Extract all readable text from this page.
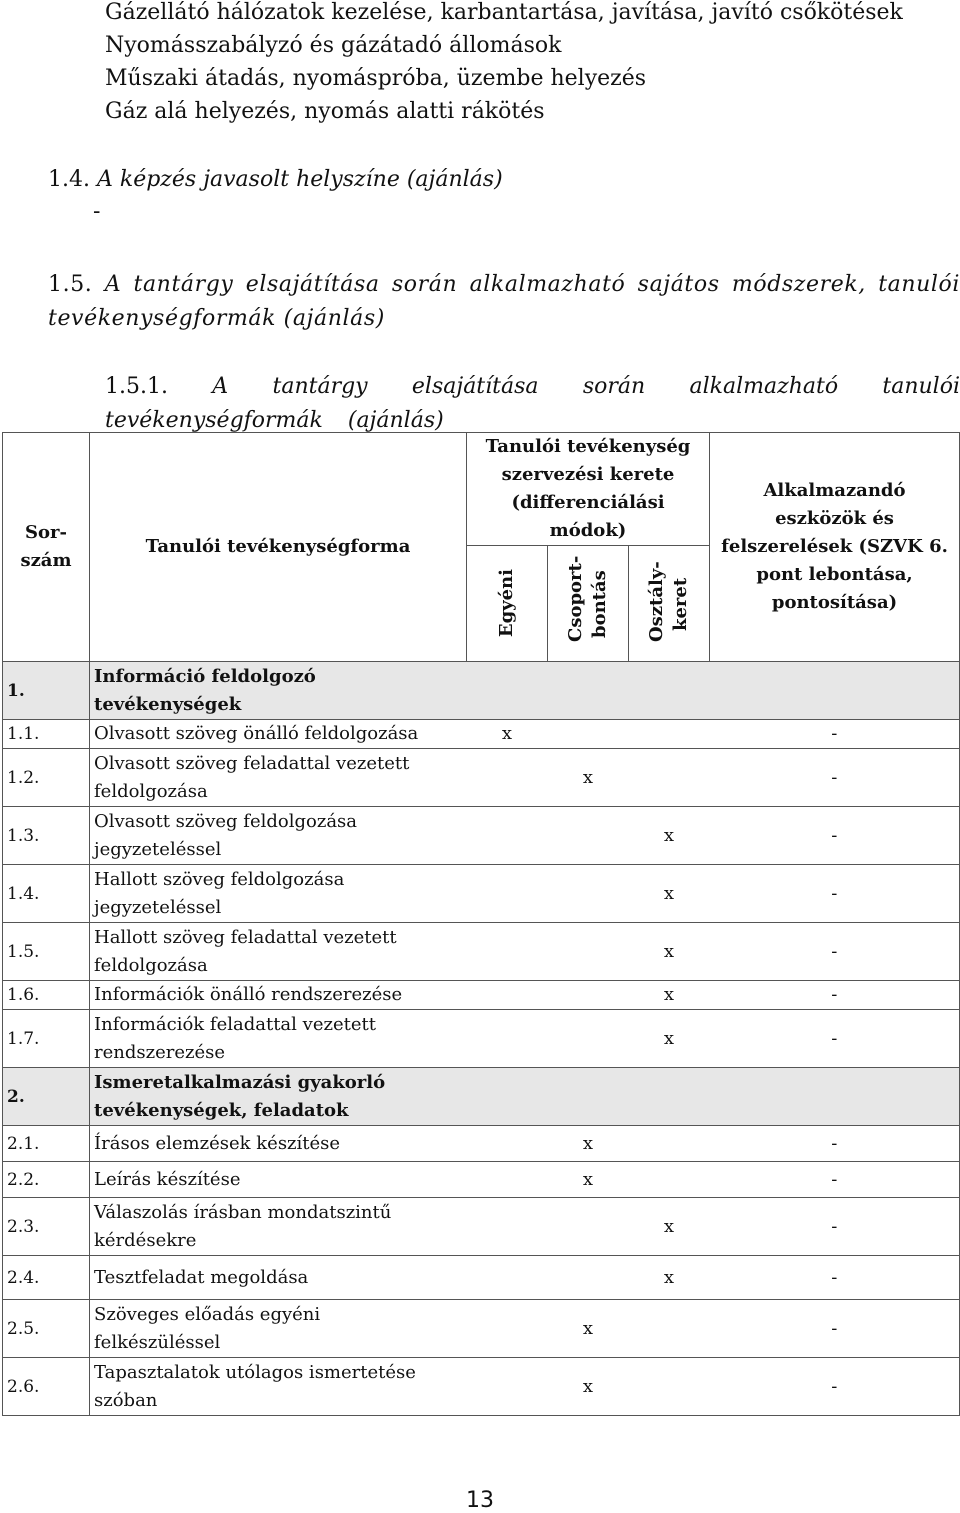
Gázellátó hálózatok kezelése, karbantartása, javítása, javító csőkötések
Nyomásszabályzó és gázátadó állomások
Műszaki átadás, nyomáspróba, üzembe helyezés
Gáz alá helyezés, nyomás alatti rákötés
1.4. A képzés javasolt helyszíne (ajánlás)
-
1.5. A tantárgy elsajátítása során alkalmazható sajátos módszerek, tanulói tevékenységformák (ajánlás)
1.5.1. A tantárgy elsajátítása során alkalmazható tanulói tevékenységformák (ajánlás)
Sor-szám	Tanulói tevékenységforma	Tanulói tevékenység szervezési kerete (differenciálási módok)			Alkalmazandó eszközök és felszerelések (SZVK 6. pont lebontása, pontosítása)

		Egyéni	Csoport-bontás	Osztály-keret	

1.	Információ feldolgozó tevékenységek				

1.1.	Olvasott szöveg önálló feldolgozása	x			-
1.2.	Olvasott szöveg feladattal vezetett feldolgozása		x		-
1.3.	Olvasott szöveg feldolgozása jegyzeteléssel			x	-
1.4.	Hallott szöveg feldolgozása jegyzeteléssel			x	-
1.5.	Hallott szöveg feladattal vezetett feldolgozása			x	-
1.6.	Információk önálló rendszerezése			x	-
1.7.	Információk feladattal vezetett rendszerezése			x	-
2.	Ismeretalkalmazási gyakorló tevékenységek, feladatok				

2.1.	Írásos elemzések készítése		x		-
2.2.	Leírás készítése		x		-
2.3.	Válaszolás írásban mondatszintű kérdésekre			x	-
2.4.	Tesztfeladat megoldása			x	-
2.5.	Szöveges előadás egyéni felkészüléssel		x		-
2.6.	Tapasztalatok utólagos ismertetése szóban		x		-
13
